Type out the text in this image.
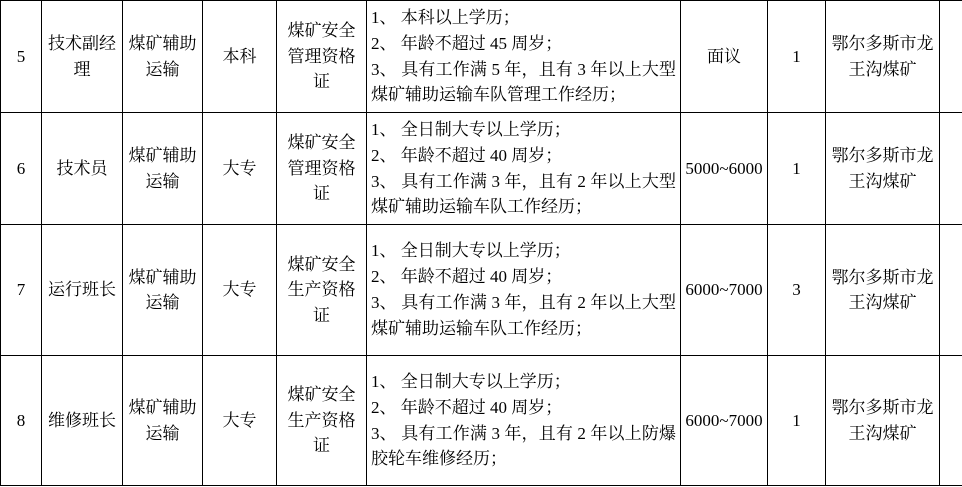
5	技术副经理	煤矿辅助运输	本科	煤矿安全管理资格证	1、 本科以上学历；
2、 年龄不超过 45 周岁；
3、 具有工作满 5 年，且有 3 年以上大型煤矿辅助运输车队管理工作经历；	面议	1	鄂尔多斯市龙王沟煤矿	
6	技术员	煤矿辅助运输	大专	煤矿安全管理资格证	1、 全日制大专以上学历；
2、 年龄不超过 40 周岁；
3、 具有工作满 3 年，且有 2 年以上大型煤矿辅助运输车队工作经历；	5000~6000	1	鄂尔多斯市龙王沟煤矿	
7	运行班长	煤矿辅助运输	大专	煤矿安全生产资格证	1、 全日制大专以上学历；
2、 年龄不超过 40 周岁；
3、 具有工作满 3 年，且有 2 年以上大型煤矿辅助运输车队工作经历；	6000~7000	3	鄂尔多斯市龙王沟煤矿	
8	维修班长	煤矿辅助运输	大专	煤矿安全生产资格证	1、 全日制大专以上学历；
2、 年龄不超过 40 周岁；
3、 具有工作满 3 年，且有 2 年以上防爆胶轮车维修经历；	6000~7000	1	鄂尔多斯市龙王沟煤矿	
